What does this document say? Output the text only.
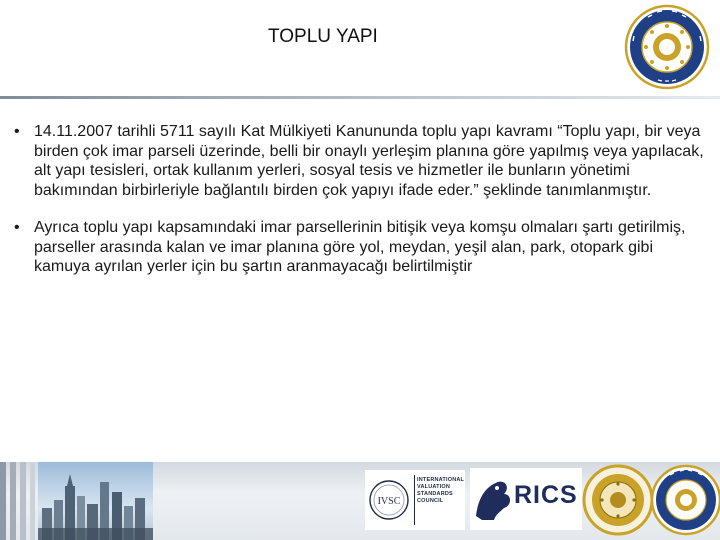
TOPLU YAPI
• 14.11.2007 tarihli 5711 sayılı Kat Mülkiyeti Kanununda toplu yapı kavramı “Toplu yapı, bir veya birden çok imar parseli üzerinde, belli bir onaylı yerleşim planına göre yapılmış veya yapılacak, alt yapı tesisleri, ortak kullanım yerleri, sosyal tesis ve hizmetler ile bunların yönetimi bakımından birbirleriyle bağlantılı birden çok yapıyı ifade eder.” şeklinde tanımlanmıştır.
• Ayrıca toplu yapı kapsamındaki imar parsellerinin bitişik veya komşu olmaları şartı getirilmiş, parseller arasında kalan ve imar planına göre yol, meydan, yeşil alan, park, otopark gibi kamuya ayrılan yerler için bu şartın aranmayacağı belirtilmiştir
IVSC
INTERNATIONAL VALUATION STANDARDS COUNCIL	RICS
